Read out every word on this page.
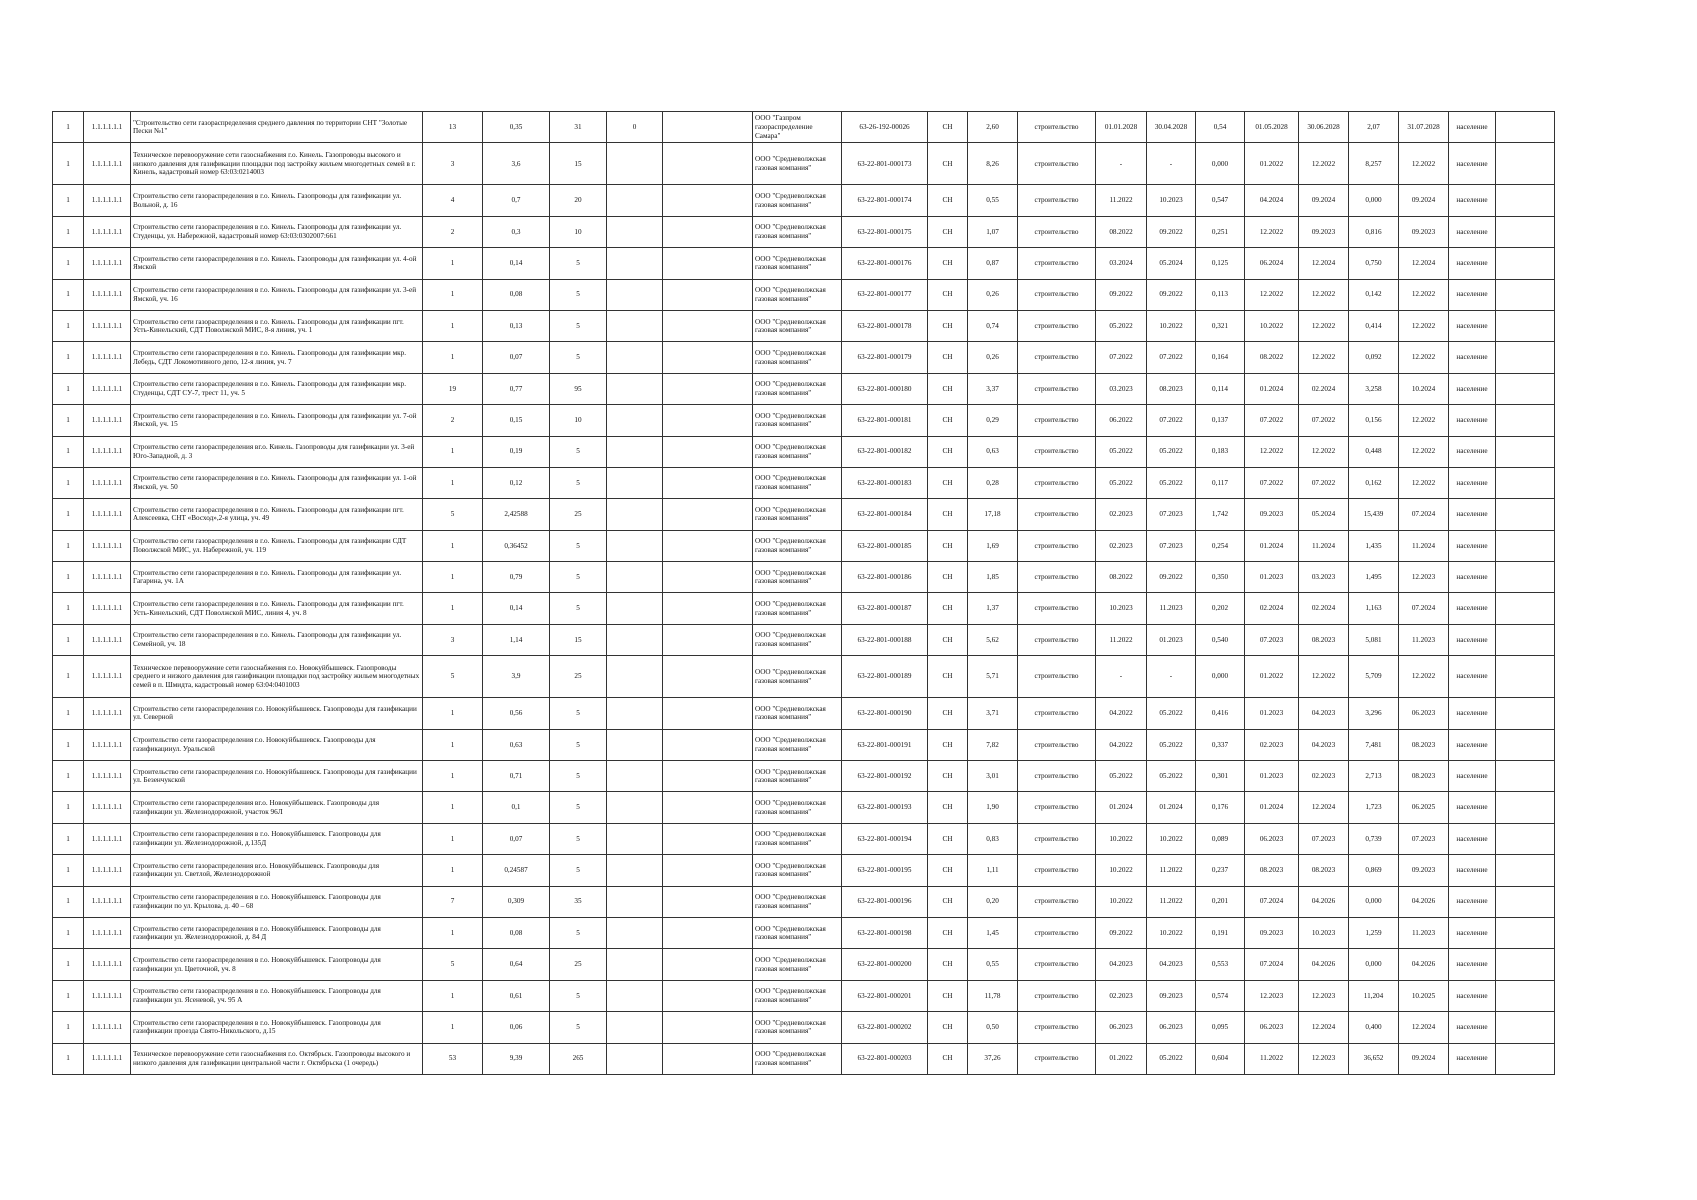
1	1.1.1.1.1.1	"Строительство сети газораспределения среднего давления по территории СНТ "Золотые Пески №1"	13	0,35	31	0		ООО "Газпром газораспределение Самара"	63-26-192-00026	СН	2,60	строительство	01.01.2028	30.04.2028	0,54	01.05.2028	30.06.2028	2,07	31.07.2028	население	
1	1.1.1.1.1.1	Техническое перевооружение сети газоснабжения г.о. Кинель. Газопроводы высокого и низкого давления для газификации площадки под застройку жильем многодетных семей в г. Кинель, кадастровый номер 63:03:0214003	3	3,6	15			ООО "Средневолжская газовая компания"	63-22-801-000173	СН	8,26	строительство	-	-	0,000	01.2022	12.2022	8,257	12.2022	население	
1	1.1.1.1.1.1	Строительство сети газораспределения в г.о. Кинель. Газопроводы для газификации ул. Вольной, д. 16	4	0,7	20			ООО "Средневолжская газовая компания"	63-22-801-000174	СН	0,55	строительство	11.2022	10.2023	0,547	04.2024	09.2024	0,000	09.2024	население	
1	1.1.1.1.1.1	Строительство сети газораспределения в г.о. Кинель. Газопроводы для газификации ул. Студенцы, ул. Набережной, кадастровый номер 63:03:0302007:661	2	0,3	10			ООО "Средневолжская газовая компания"	63-22-801-000175	СН	1,07	строительство	08.2022	09.2022	0,251	12.2022	09.2023	0,816	09.2023	население	
1	1.1.1.1.1.1	Строительство сети газораспределения в г.о. Кинель. Газопроводы для газификации ул. 4-ой Ямской	1	0,14	5			ООО "Средневолжская газовая компания"	63-22-801-000176	СН	0,87	строительство	03.2024	05.2024	0,125	06.2024	12.2024	0,750	12.2024	население	
1	1.1.1.1.1.1	Строительство сети газораспределения в г.о. Кинель. Газопроводы для газификации ул. 3-ей Ямской, уч. 16	1	0,08	5			ООО "Средневолжская газовая компания"	63-22-801-000177	СН	0,26	строительство	09.2022	09.2022	0,113	12.2022	12.2022	0,142	12.2022	население	
1	1.1.1.1.1.1	Строительство сети газораспределения в г.о. Кинель. Газопроводы для газификации пгт. Усть-Кинельский, СДТ Поволжской МИС, 8-я линия, уч. 1	1	0,13	5			ООО "Средневолжская газовая компания"	63-22-801-000178	СН	0,74	строительство	05.2022	10.2022	0,321	10.2022	12.2022	0,414	12.2022	население	
1	1.1.1.1.1.1	Строительство сети газораспределения в г.о. Кинель. Газопроводы для газификации мкр. Лебедь, СДТ Локомотивного депо, 12-я линия, уч. 7	1	0,07	5			ООО "Средневолжская газовая компания"	63-22-801-000179	СН	0,26	строительство	07.2022	07.2022	0,164	08.2022	12.2022	0,092	12.2022	население	
1	1.1.1.1.1.1	Строительство сети газораспределения в г.о. Кинель. Газопроводы для газификации мкр. Студенцы, СДТ СУ-7, трест 11, уч. 5	19	0,77	95			ООО "Средневолжская газовая компания"	63-22-801-000180	СН	3,37	строительство	03.2023	08.2023	0,114	01.2024	02.2024	3,258	10.2024	население	
1	1.1.1.1.1.1	Строительство сети газораспределения в г.о. Кинель. Газопроводы для газификации ул. 7-ой Ямской, уч. 15	2	0,15	10			ООО "Средневолжская газовая компания"	63-22-801-000181	СН	0,29	строительство	06.2022	07.2022	0,137	07.2022	07.2022	0,156	12.2022	население	
1	1.1.1.1.1.1	Строительство сети газораспределения вг.о. Кинель. Газопроводы для газификации ул. 3-ей Юго-Западной, д. 3	1	0,19	5			ООО "Средневолжская газовая компания"	63-22-801-000182	СН	0,63	строительство	05.2022	05.2022	0,183	12.2022	12.2022	0,448	12.2022	население	
1	1.1.1.1.1.1	Строительство сети газораспределения в г.о. Кинель. Газопроводы для газификации ул. 1-ой Ямской, уч. 50	1	0,12	5			ООО "Средневолжская газовая компания"	63-22-801-000183	СН	0,28	строительство	05.2022	05.2022	0,117	07.2022	07.2022	0,162	12.2022	население	
1	1.1.1.1.1.1	Строительство сети газораспределения в г.о. Кинель. Газопроводы для газификации пгт. Алексеевка, СНТ «Восход»,2-я улица, уч. 49	5	2,42588	25			ООО "Средневолжская газовая компания"	63-22-801-000184	СН	17,18	строительство	02.2023	07.2023	1,742	09.2023	05.2024	15,439	07.2024	население	
1	1.1.1.1.1.1	Строительство сети газораспределения в г.о. Кинель. Газопроводы для газификации СДТ Поволжской МИС, ул. Набережной, уч. 119	1	0,36452	5			ООО "Средневолжская газовая компания"	63-22-801-000185	СН	1,69	строительство	02.2023	07.2023	0,254	01.2024	11.2024	1,435	11.2024	население	
1	1.1.1.1.1.1	Строительство сети газораспределения в г.о. Кинель. Газопроводы для газификации ул. Гагарина, уч. 1А	1	0,79	5			ООО "Средневолжская газовая компания"	63-22-801-000186	СН	1,85	строительство	08.2022	09.2022	0,350	01.2023	03.2023	1,495	12.2023	население	
1	1.1.1.1.1.1	Строительство сети газораспределения в г.о. Кинель. Газопроводы для газификации пгт. Усть-Кинельский, СДТ Поволжской МИС, линия 4, уч. 8	1	0,14	5			ООО "Средневолжская газовая компания"	63-22-801-000187	СН	1,37	строительство	10.2023	11.2023	0,202	02.2024	02.2024	1,163	07.2024	население	
1	1.1.1.1.1.1	Строительство сети газораспределения в г.о. Кинель. Газопроводы для газификации ул. Семейной, уч. 18	3	1,14	15			ООО "Средневолжская газовая компания"	63-22-801-000188	СН	5,62	строительство	11.2022	01.2023	0,540	07.2023	08.2023	5,081	11.2023	население	
1	1.1.1.1.1.1	Техническое перевооружение сети газоснабжения г.о. Новокуйбышевск. Газопроводы среднего и низкого давления для газификации площадки под застройку жильем многодетных семей в п. Шмидта, кадастровый номер 63:04:0401003	5	3,9	25			ООО "Средневолжская газовая компания"	63-22-801-000189	СН	5,71	строительство	-	-	0,000	01.2022	12.2022	5,709	12.2022	население	
1	1.1.1.1.1.1	Строительство сети газораспределения г.о. Новокуйбышевск. Газопроводы для газификации ул. Северной	1	0,56	5			ООО "Средневолжская газовая компания"	63-22-801-000190	СН	3,71	строительство	04.2022	05.2022	0,416	01.2023	04.2023	3,296	06.2023	население	
1	1.1.1.1.1.1	Строительство сети газораспределения г.о. Новокуйбышевск. Газопроводы для газификацииул. Уральской	1	0,63	5			ООО "Средневолжская газовая компания"	63-22-801-000191	СН	7,82	строительство	04.2022	05.2022	0,337	02.2023	04.2023	7,481	08.2023	население	
1	1.1.1.1.1.1	Строительство сети газораспределения г.о. Новокуйбышевск. Газопроводы для газификации ул. Безенчукской	1	0,71	5			ООО "Средневолжская газовая компания"	63-22-801-000192	СН	3,01	строительство	05.2022	05.2022	0,301	01.2023	02.2023	2,713	08.2023	население	
1	1.1.1.1.1.1	Строительство сети газораспределения вг.о. Новокуйбышевск. Газопроводы для газификации ул. Железнодорожной, участок 96Л	1	0,1	5			ООО "Средневолжская газовая компания"	63-22-801-000193	СН	1,90	строительство	01.2024	01.2024	0,176	01.2024	12.2024	1,723	06.2025	население	
1	1.1.1.1.1.1	Строительство сети газораспределения в г.о. Новокуйбышевск. Газопроводы для газификации ул. Железнодорожной, д.135Д	1	0,07	5			ООО "Средневолжская газовая компания"	63-22-801-000194	СН	0,83	строительство	10.2022	10.2022	0,089	06.2023	07.2023	0,739	07.2023	население	
1	1.1.1.1.1.1	Строительство сети газораспределения вг.о. Новокуйбышевск. Газопроводы для газификации ул. Светлой, Железнодорожной	1	0,24587	5			ООО "Средневолжская газовая компания"	63-22-801-000195	СН	1,11	строительство	10.2022	11.2022	0,237	08.2023	08.2023	0,869	09.2023	население	
1	1.1.1.1.1.1	Строительство сети газораспределения в г.о. Новокуйбышевск. Газопроводы для газификации по ул. Крылова, д. 40 – 68	7	0,309	35			ООО "Средневолжская газовая компания"	63-22-801-000196	СН	0,20	строительство	10.2022	11.2022	0,201	07.2024	04.2026	0,000	04.2026	население	
1	1.1.1.1.1.1	Строительство сети газораспределения в г.о. Новокуйбышевск. Газопроводы для газификации ул. Железнодорожной, д. 84 Д	1	0,08	5			ООО "Средневолжская газовая компания"	63-22-801-000198	СН	1,45	строительство	09.2022	10.2022	0,191	09.2023	10.2023	1,259	11.2023	население	
1	1.1.1.1.1.1	Строительство сети газораспределения в г.о. Новокуйбышевск. Газопроводы для газификации ул. Цветочной, уч. 8	5	0,64	25			ООО "Средневолжская газовая компания"	63-22-801-000200	СН	0,55	строительство	04.2023	04.2023	0,553	07.2024	04.2026	0,000	04.2026	население	
1	1.1.1.1.1.1	Строительство сети газораспределения в г.о. Новокуйбышевск. Газопроводы для газификации ул. Ясеневой, уч. 95 А	1	0,61	5			ООО "Средневолжская газовая компания"	63-22-801-000201	СН	11,78	строительство	02.2023	09.2023	0,574	12.2023	12.2023	11,204	10.2025	население	
1	1.1.1.1.1.1	Строительство сети газораспределения в г.о. Новокуйбышевск. Газопроводы для газификации проезда Свято-Никольского, д.15	1	0,06	5			ООО "Средневолжская газовая компания"	63-22-801-000202	СН	0,50	строительство	06.2023	06.2023	0,095	06.2023	12.2024	0,400	12.2024	население	
1	1.1.1.1.1.1	Техническое перевооружение сети газоснабжения г.о. Октябрьск. Газопроводы высокого и низкого давления для газификации центральной части г. Октябрьска (1 очередь)	53	9,39	265			ООО "Средневолжская газовая компания"	63-22-801-000203	СН	37,26	строительство	01.2022	05.2022	0,604	11.2022	12.2023	36,652	09.2024	население	
